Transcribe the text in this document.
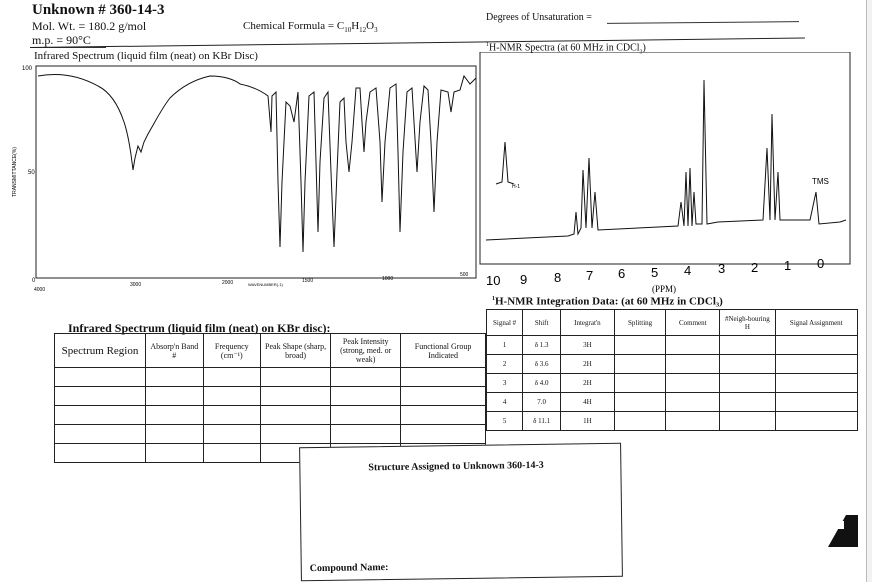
Unknown # 360-14-3
Mol. Wt. = 180.2 g/mol
m.p. = 90°C
Chemical Formula = $C_{10}H_{12}O_3$
Degrees of Unsaturation =
Infrared Spectrum (liquid film (neat) on KBr Disc)
$^1$H-NMR Spectra (at 60 MHz in CDCl$_3$)
TRANSMITTANCE(%)
100
50
0
4000
3000	2000	WAVENUMBER(-1)
1500	1000
500
H-1
TMS
10 9 8 7 6 5 4 3 2 1 0
(PPM)
Infrared Spectrum (liquid film (neat) on KBr disc):
Spectrum Region	Absorp'n Band #	Frequency (cm⁻¹)	Peak Shape (sharp, broad)	Peak Intensity (strong, med. or weak)	Functional Group Indicated

$^1$H-NMR Integration Data: (at 60 MHz in CDCl₃)
Signal #	Shift	Integrat'n	Splitting	Comment	#Neigh-bouring H	Signal Assignment
1	δ 1.3	3H				
2	δ 3.6	2H				
3	δ 4.0	2H				
4	7.0	4H				
5	δ 11.1	1H				
Structure Assigned to Unknown 360-14-3
Compound Name:
